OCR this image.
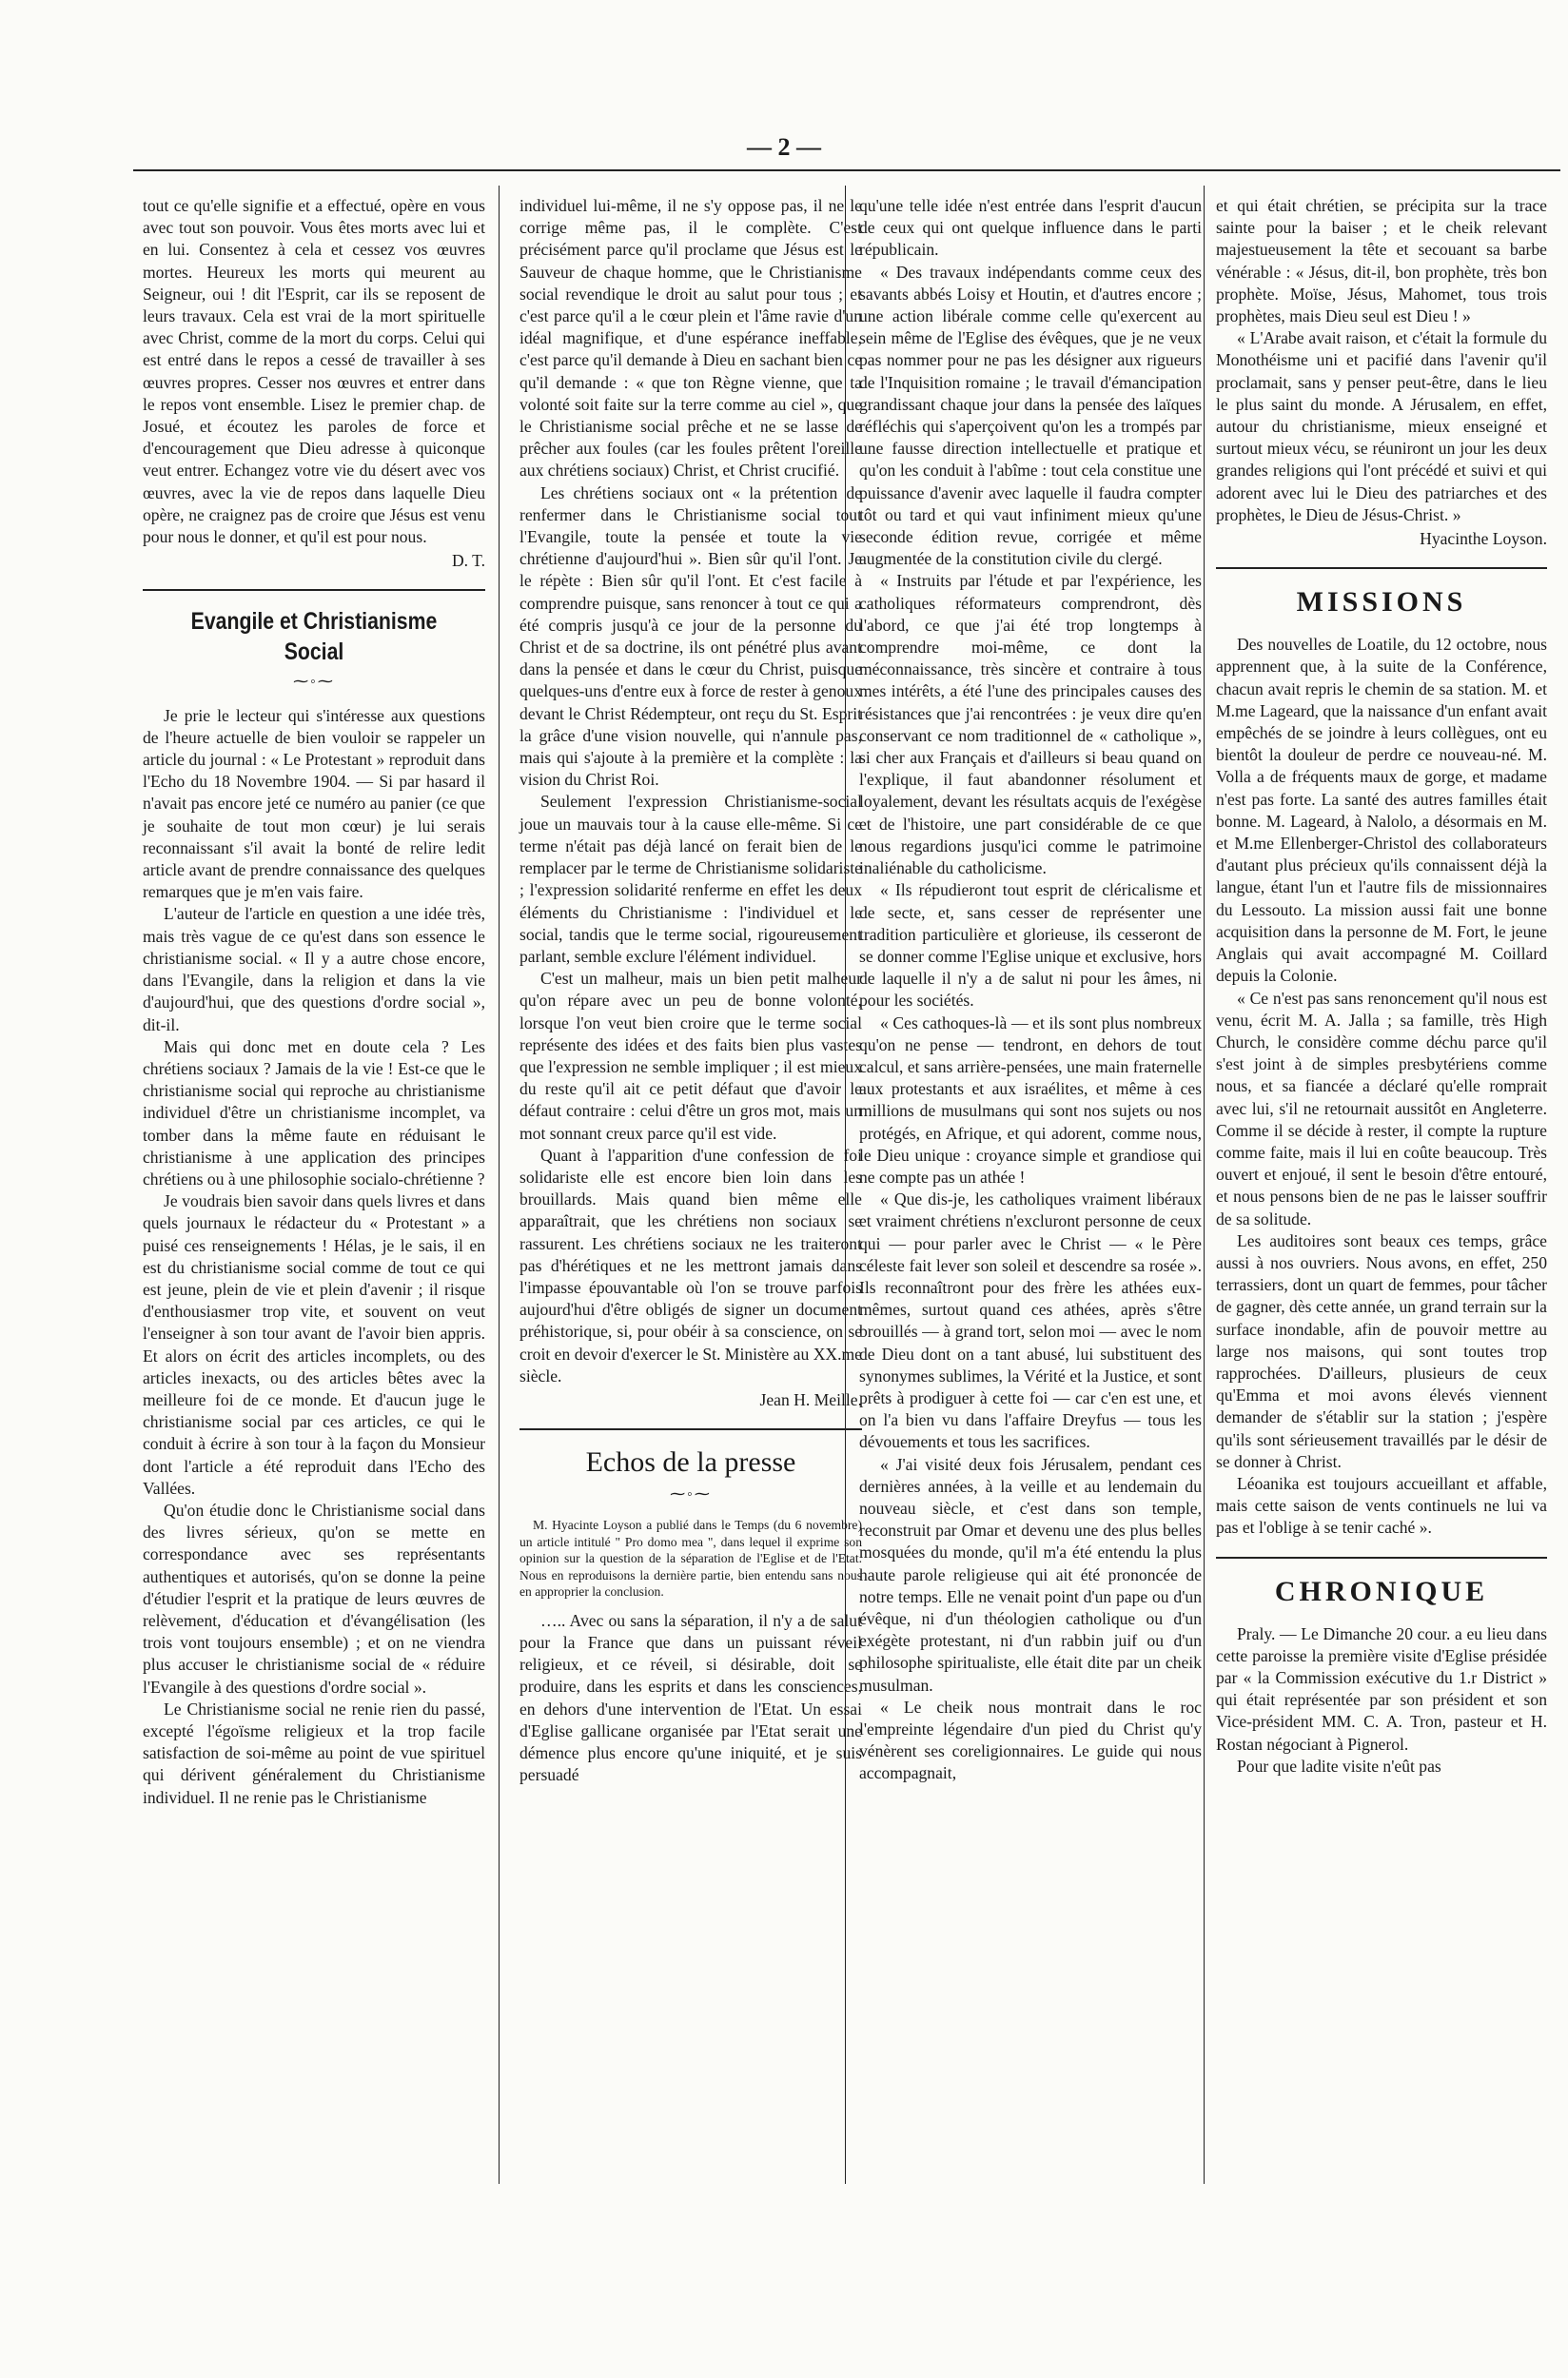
— 2 —

tout ce qu'elle signifie et a effectué, opère en vous avec tout son pouvoir. Vous êtes morts avec lui et en lui. Consentez à cela et cessez vos œuvres mortes. Heureux les morts qui meurent au Seigneur, oui ! dit l'Esprit, car ils se reposent de leurs travaux. Cela est vrai de la mort spirituelle avec Christ, comme de la mort du corps. Celui qui est entré dans le repos a cessé de travailler à ses œuvres propres. Cesser nos œuvres et entrer dans le repos vont ensemble. Lisez le premier chap. de Josué, et écoutez les paroles de force et d'encouragement que Dieu adresse à quiconque veut entrer. Echangez votre vie du désert avec vos œuvres, avec la vie de repos dans laquelle Dieu opère, ne craignez pas de croire que Jésus est venu pour nous le donner, et qu'il est pour nous.

D. T.
Evangile et Christianisme Social
⁓◦⁓

Je prie le lecteur qui s'intéresse aux questions de l'heure actuelle de bien vouloir se rappeler un article du journal : « Le Protestant » reproduit dans l'Echo du 18 Novembre 1904. — Si par hasard il n'avait pas encore jeté ce numéro au panier (ce que je souhaite de tout mon cœur) je lui serais reconnaissant s'il avait la bonté de relire ledit article avant de prendre connaissance des quelques remarques que je m'en vais faire.

L'auteur de l'article en question a une idée très, mais très vague de ce qu'est dans son essence le christianisme social. « Il y a autre chose encore, dans l'Evangile, dans la religion et dans la vie d'aujourd'hui, que des questions d'ordre social », dit-il.

Mais qui donc met en doute cela ? Les chrétiens sociaux ? Jamais de la vie ! Est-ce que le christianisme social qui reproche au christianisme individuel d'être un christianisme incomplet, va tomber dans la même faute en réduisant le christianisme à une application des principes chrétiens ou à une philosophie socialo-chrétienne ?

Je voudrais bien savoir dans quels livres et dans quels journaux le rédacteur du « Protestant » a puisé ces renseignements ! Hélas, je le sais, il en est du christianisme social comme de tout ce qui est jeune, plein de vie et plein d'avenir ; il risque d'enthousiasmer trop vite, et souvent on veut l'enseigner à son tour avant de l'avoir bien appris. Et alors on écrit des articles incomplets, ou des articles inexacts, ou des articles bêtes avec la meilleure foi de ce monde. Et d'aucun juge le christianisme social par ces articles, ce qui le conduit à écrire à son tour à la façon du Monsieur dont l'article a été reproduit dans l'Echo des Vallées.

Qu'on étudie donc le Christianisme social dans des livres sérieux, qu'on se mette en correspondance avec ses représentants authentiques et autorisés, qu'on se donne la peine d'étudier l'esprit et la pratique de leurs œuvres de relèvement, d'éducation et d'évangélisation (les trois vont toujours ensemble) ; et on ne viendra plus accuser le christianisme social de « réduire l'Evangile à des questions d'ordre social ».

Le Christianisme social ne renie rien du passé, excepté l'égoïsme religieux et la trop facile satisfaction de soi-même au point de vue spirituel qui dérivent généralement du Christianisme individuel. Il ne renie pas le Christianisme

individuel lui-même, il ne s'y oppose pas, il ne le corrige même pas, il le complète. C'est précisément parce qu'il proclame que Jésus est le Sauveur de chaque homme, que le Christianisme social revendique le droit au salut pour tous ; et c'est parce qu'il a le cœur plein et l'âme ravie d'un idéal magnifique, et d'une espérance ineffable, c'est parce qu'il demande à Dieu en sachant bien ce qu'il demande : « que ton Règne vienne, que ta volonté soit faite sur la terre comme au ciel », que le Christianisme social prêche et ne se lasse de prêcher aux foules (car les foules prêtent l'oreille aux chrétiens sociaux) Christ, et Christ crucifié.

Les chrétiens sociaux ont « la prétention de renfermer dans le Christianisme social tout l'Evangile, toute la pensée et toute la vie chrétienne d'aujourd'hui ». Bien sûr qu'il l'ont. Je le répète : Bien sûr qu'il l'ont. Et c'est facile à comprendre puisque, sans renoncer à tout ce qui a été compris jusqu'à ce jour de la personne du Christ et de sa doctrine, ils ont pénétré plus avant dans la pensée et dans le cœur du Christ, puisque quelques-uns d'entre eux à force de rester à genoux devant le Christ Rédempteur, ont reçu du St. Esprit la grâce d'une vision nouvelle, qui n'annule pas, mais qui s'ajoute à la première et la complète : la vision du Christ Roi.

Seulement l'expression Christianisme-social joue un mauvais tour à la cause elle-même. Si ce terme n'était pas déjà lancé on ferait bien de le remplacer par le terme de Christianisme solidariste ; l'expression solidarité renferme en effet les deux éléments du Christianisme : l'individuel et le social, tandis que le terme social, rigoureusement parlant, semble exclure l'élément individuel.

C'est un malheur, mais un bien petit malheur qu'on répare avec un peu de bonne volonté, lorsque l'on veut bien croire que le terme social représente des idées et des faits bien plus vastes que l'expression ne semble impliquer ; il est mieux du reste qu'il ait ce petit défaut que d'avoir le défaut contraire : celui d'être un gros mot, mais un mot sonnant creux parce qu'il est vide.

Quant à l'apparition d'une confession de foi solidariste elle est encore bien loin dans les brouillards. Mais quand bien même elle apparaîtrait, que les chrétiens non sociaux se rassurent. Les chrétiens sociaux ne les traiteront pas d'hérétiques et ne les mettront jamais dans l'impasse épouvantable où l'on se trouve parfois aujourd'hui d'être obligés de signer un document préhistorique, si, pour obéir à sa conscience, on se croit en devoir d'exercer le St. Ministère au XX.me siècle.

Jean H. Meille.
Echos de la presse
⁓◦⁓

M. Hyacinte Loyson a publié dans le Temps (du 6 novembre) un article intitulé " Pro domo mea ", dans lequel il exprime son opinion sur la question de la séparation de l'Eglise et de l'Etat. Nous en reproduisons la dernière partie, bien entendu sans nous en approprier la conclusion.

….. Avec ou sans la séparation, il n'y a de salut pour la France que dans un puissant réveil religieux, et ce réveil, si désirable, doit se produire, dans les esprits et dans les consciences, en dehors d'une intervention de l'Etat. Un essai d'Eglise gallicane organisée par l'Etat serait une démence plus encore qu'une iniquité, et je suis persuadé

qu'une telle idée n'est entrée dans l'esprit d'aucun de ceux qui ont quelque influence dans le parti républicain.

« Des travaux indépendants comme ceux des savants abbés Loisy et Houtin, et d'autres encore ; une action libérale comme celle qu'exercent au sein même de l'Eglise des évêques, que je ne veux pas nommer pour ne pas les désigner aux rigueurs de l'Inquisition romaine ; le travail d'émancipation grandissant chaque jour dans la pensée des laïques réfléchis qui s'aperçoivent qu'on les a trompés par une fausse direction intellectuelle et pratique et qu'on les conduit à l'abîme : tout cela constitue une puissance d'avenir avec laquelle il faudra compter tôt ou tard et qui vaut infiniment mieux qu'une seconde édition revue, corrigée et même augmentée de la constitution civile du clergé.

« Instruits par l'étude et par l'expérience, les catholiques réformateurs comprendront, dès l'abord, ce que j'ai été trop longtemps à comprendre moi-même, ce dont la méconnaissance, très sincère et contraire à tous mes intérêts, a été l'une des principales causes des résistances que j'ai rencontrées : je veux dire qu'en conservant ce nom traditionnel de « catholique », si cher aux Français et d'ailleurs si beau quand on l'explique, il faut abandonner résolument et loyalement, devant les résultats acquis de l'exégèse et de l'histoire, une part considérable de ce que nous regardions jusqu'ici comme le patrimoine inaliénable du catholicisme.

« Ils répudieront tout esprit de cléricalisme et de secte, et, sans cesser de représenter une tradition particulière et glorieuse, ils cesseront de se donner comme l'Eglise unique et exclusive, hors de laquelle il n'y a de salut ni pour les âmes, ni pour les sociétés.

« Ces cathoques-là — et ils sont plus nombreux qu'on ne pense — tendront, en dehors de tout calcul, et sans arrière-pensées, une main fraternelle aux protestants et aux israélites, et même à ces millions de musulmans qui sont nos sujets ou nos protégés, en Afrique, et qui adorent, comme nous, le Dieu unique : croyance simple et grandiose qui ne compte pas un athée !

« Que dis-je, les catholiques vraiment libéraux et vraiment chrétiens n'excluront personne de ceux qui — pour parler avec le Christ — « le Père céleste fait lever son soleil et descendre sa rosée ». Ils reconnaîtront pour des frère les athées eux-mêmes, surtout quand ces athées, après s'être brouillés — à grand tort, selon moi — avec le nom de Dieu dont on a tant abusé, lui substituent des synonymes sublimes, la Vérité et la Justice, et sont prêts à prodiguer à cette foi — car c'en est une, et on l'a bien vu dans l'affaire Dreyfus — tous les dévouements et tous les sacrifices.

« J'ai visité deux fois Jérusalem, pendant ces dernières années, à la veille et au lendemain du nouveau siècle, et c'est dans son temple, reconstruit par Omar et devenu une des plus belles mosquées du monde, qu'il m'a été entendu la plus haute parole religieuse qui ait été prononcée de notre temps. Elle ne venait point d'un pape ou d'un évêque, ni d'un théologien catholique ou d'un exégète protestant, ni d'un rabbin juif ou d'un philosophe spiritualiste, elle était dite par un cheik musulman.

« Le cheik nous montrait dans le roc l'empreinte légendaire d'un pied du Christ qu'y vénèrent ses coreligionnaires. Le guide qui nous accompagnait,

et qui était chrétien, se précipita sur la trace sainte pour la baiser ; et le cheik relevant majestueusement la tête et secouant sa barbe vénérable : « Jésus, dit-il, bon prophète, très bon prophète. Moïse, Jésus, Mahomet, tous trois prophètes, mais Dieu seul est Dieu ! »

« L'Arabe avait raison, et c'était la formule du Monothéisme uni et pacifié dans l'avenir qu'il proclamait, sans y penser peut-être, dans le lieu le plus saint du monde. A Jérusalem, en effet, autour du christianisme, mieux enseigné et surtout mieux vécu, se réuniront un jour les deux grandes religions qui l'ont précédé et suivi et qui adorent avec lui le Dieu des patriarches et des prophètes, le Dieu de Jésus-Christ. »

Hyacinthe Loyson.
MISSIONS

Des nouvelles de Loatile, du 12 octobre, nous apprennent que, à la suite de la Conférence, chacun avait repris le chemin de sa station. M. et M.me Lageard, que la naissance d'un enfant avait empêchés de se joindre à leurs collègues, ont eu bientôt la douleur de perdre ce nouveau-né. M. Volla a de fréquents maux de gorge, et madame n'est pas forte. La santé des autres familles était bonne. M. Lageard, à Nalolo, a désormais en M. et M.me Ellenberger-Christol des collaborateurs d'autant plus précieux qu'ils connaissent déjà la langue, étant l'un et l'autre fils de missionnaires du Lessouto. La mission aussi fait une bonne acquisition dans la personne de M. Fort, le jeune Anglais qui avait accompagné M. Coillard depuis la Colonie.

« Ce n'est pas sans renoncement qu'il nous est venu, écrit M. A. Jalla ; sa famille, très High Church, le considère comme déchu parce qu'il s'est joint à de simples presbytériens comme nous, et sa fiancée a déclaré qu'elle romprait avec lui, s'il ne retournait aussitôt en Angleterre. Comme il se décide à rester, il compte la rupture comme faite, mais il lui en coûte beaucoup. Très ouvert et enjoué, il sent le besoin d'être entouré, et nous pensons bien de ne pas le laisser souffrir de sa solitude.

Les auditoires sont beaux ces temps, grâce aussi à nos ouvriers. Nous avons, en effet, 250 terrassiers, dont un quart de femmes, pour tâcher de gagner, dès cette année, un grand terrain sur la surface inondable, afin de pouvoir mettre au large nos maisons, qui sont toutes trop rapprochées. D'ailleurs, plusieurs de ceux qu'Emma et moi avons élevés viennent demander de s'établir sur la station ; j'espère qu'ils sont sérieusement travaillés par le désir de se donner à Christ.

Léoanika est toujours accueillant et affable, mais cette saison de vents continuels ne lui va pas et l'oblige à se tenir caché ».

CHRONIQUE

Praly. — Le Dimanche 20 cour. a eu lieu dans cette paroisse la première visite d'Eglise présidée par « la Commission exécutive du 1.r District » qui était représentée par son président et son Vice-président MM. C. A. Tron, pasteur et H. Rostan négociant à Pignerol.

Pour que ladite visite n'eût pas
